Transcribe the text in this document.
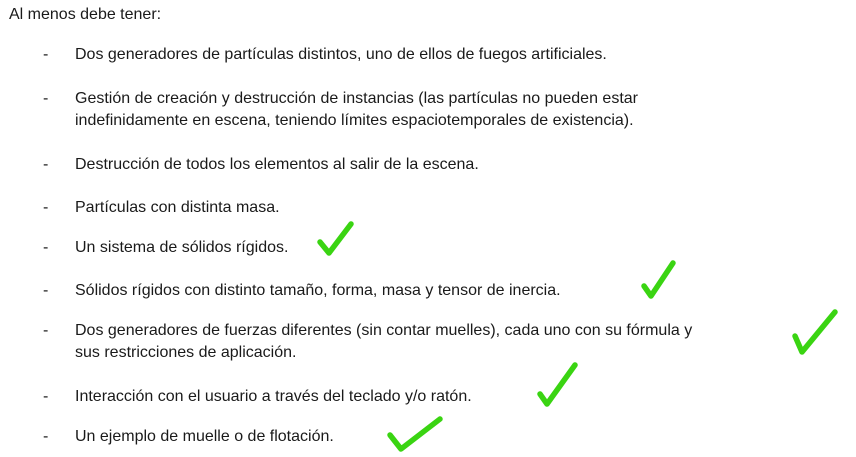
Al menos debe tener:
- Dos generadores de partículas distintos, uno de ellos de fuegos artificiales.
- Gestión de creación y destrucción de instancias (las partículas no pueden estar
indefinidamente en escena, teniendo límites espaciotemporales de existencia).
- Destrucción de todos los elementos al salir de la escena.
- Partículas con distinta masa.
- Un sistema de sólidos rígidos.
- Sólidos rígidos con distinto tamaño, forma, masa y tensor de inercia.
- Dos generadores de fuerzas diferentes (sin contar muelles), cada uno con su fórmula y
sus restricciones de aplicación.
- Interacción con el usuario a través del teclado y/o ratón.
- Un ejemplo de muelle o de flotación.
